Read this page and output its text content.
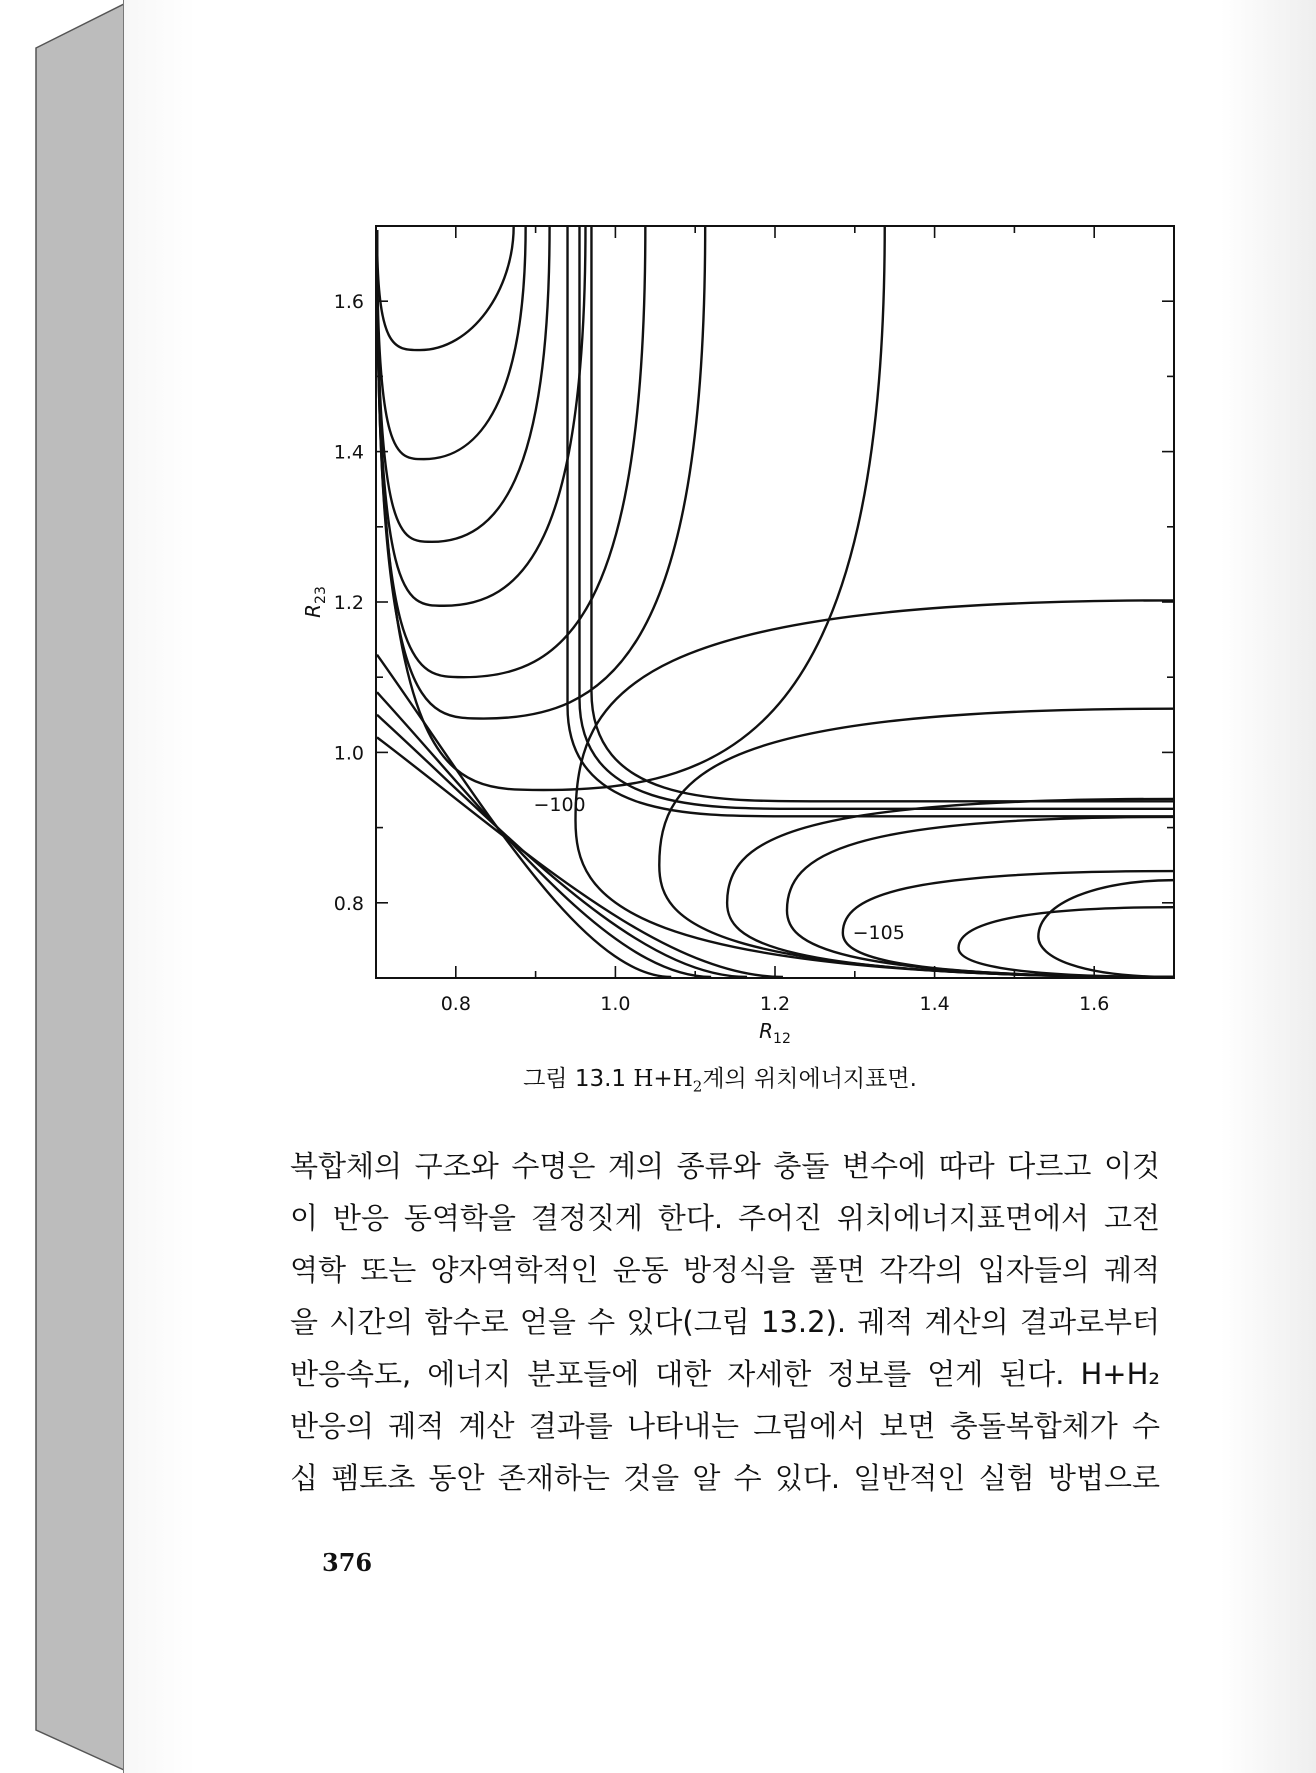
0.8	1.0	1.2	1.4	1.6
0.8
1.0
1.2
1.4
1.6
$R_{12}$
$R_{23}$
−100
−105
그림 13.1 $H+H_2$계의 위치에너지표면.
복합체의 구조와 수명은 계의 종류와 충돌 변수에 따라 다르고 이것
이 반응 동역학을 결정짓게 한다. 주어진 위치에너지표면에서 고전
역학 또는 양자역학적인 운동 방정식을 풀면 각각의 입자들의 궤적
을 시간의 함수로 얻을 수 있다(그림 13.2). 궤적 계산의 결과로부터
반응속도, 에너지 분포들에 대한 자세한 정보를 얻게 된다. H+H₂
반응의 궤적 계산 결과를 나타내는 그림에서 보면 충돌복합체가 수
십 펨토초 동안 존재하는 것을 알 수 있다. 일반적인 실험 방법으로
376
